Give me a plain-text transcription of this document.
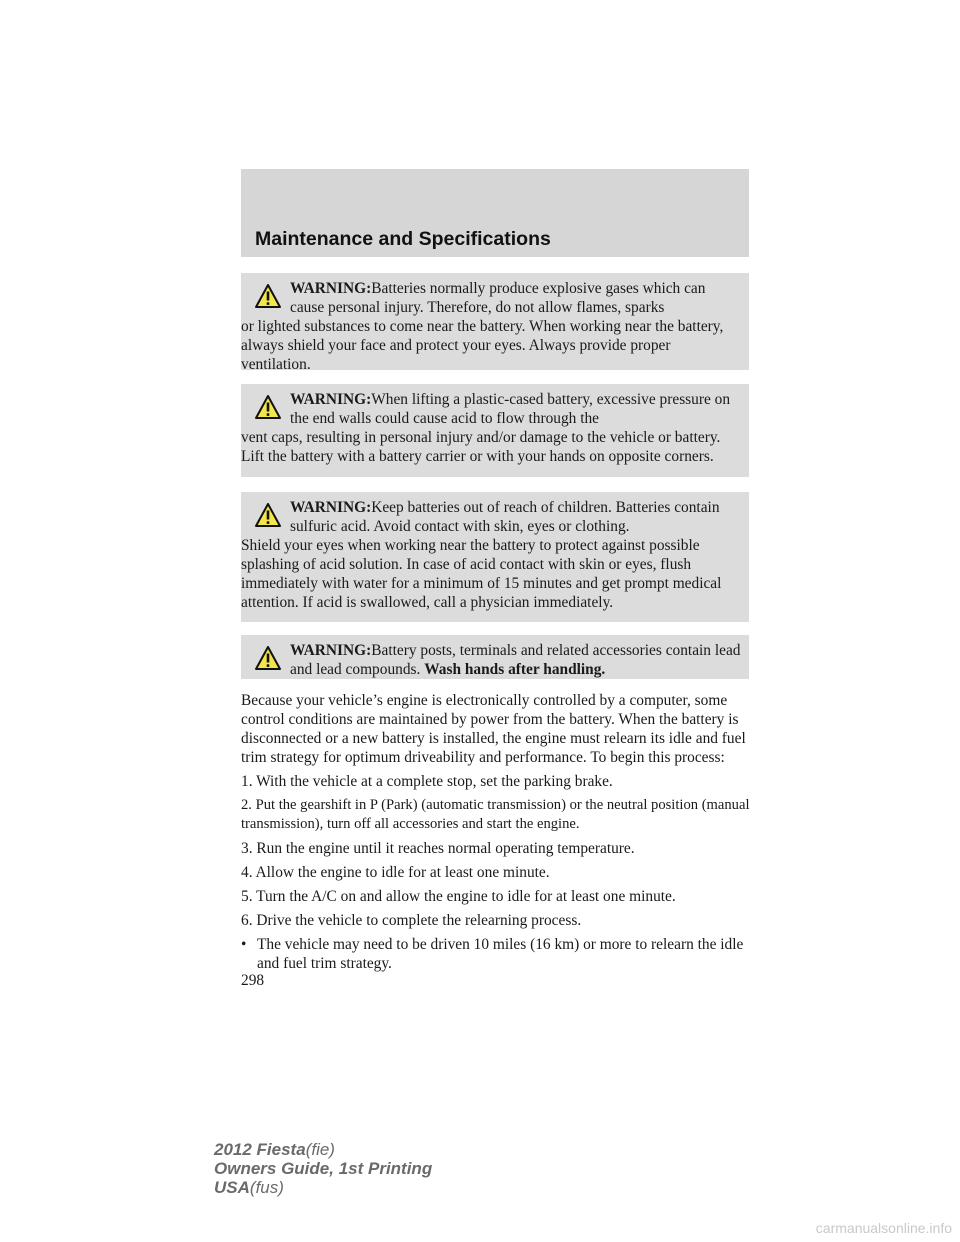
Maintenance and Specifications

WARNING:Batteries normally produce explosive gases which can cause personal injury. Therefore, do not allow flames, sparks

or lighted substances to come near the battery. When working near the battery, always shield your face and protect your eyes. Always provide proper ventilation.

WARNING:When lifting a plastic-cased battery, excessive pressure on the end walls could cause acid to flow through the

vent caps, resulting in personal injury and/or damage to the vehicle or battery. Lift the battery with a battery carrier or with your hands on opposite corners.

WARNING:Keep batteries out of reach of children. Batteries contain sulfuric acid. Avoid contact with skin, eyes or clothing.

Shield your eyes when working near the battery to protect against possible splashing of acid solution. In case of acid contact with skin or eyes, flush immediately with water for a minimum of 15 minutes and get prompt medical attention. If acid is swallowed, call a physician immediately.

WARNING:Battery posts, terminals and related accessories contain lead and lead compounds. Wash hands after handling.

Because your vehicle’s engine is electronically controlled by a computer, some control conditions are maintained by power from the battery. When the battery is disconnected or a new battery is installed, the engine must relearn its idle and fuel trim strategy for optimum driveability and performance. To begin this process:

1. With the vehicle at a complete stop, set the parking brake.

2. Put the gearshift in P (Park) (automatic transmission) or the neutral position (manual transmission), turn off all accessories and start the engine.

3. Run the engine until it reaches normal operating temperature.

4. Allow the engine to idle for at least one minute.

5. Turn the A/C on and allow the engine to idle for at least one minute.

6. Drive the vehicle to complete the relearning process.

• The vehicle may need to be driven 10 miles (16 km) or more to relearn the idle and fuel trim strategy.

298

2012 Fiesta(fie)
Owners Guide, 1st Printing
USA(fus)
carmanualsonline.info
